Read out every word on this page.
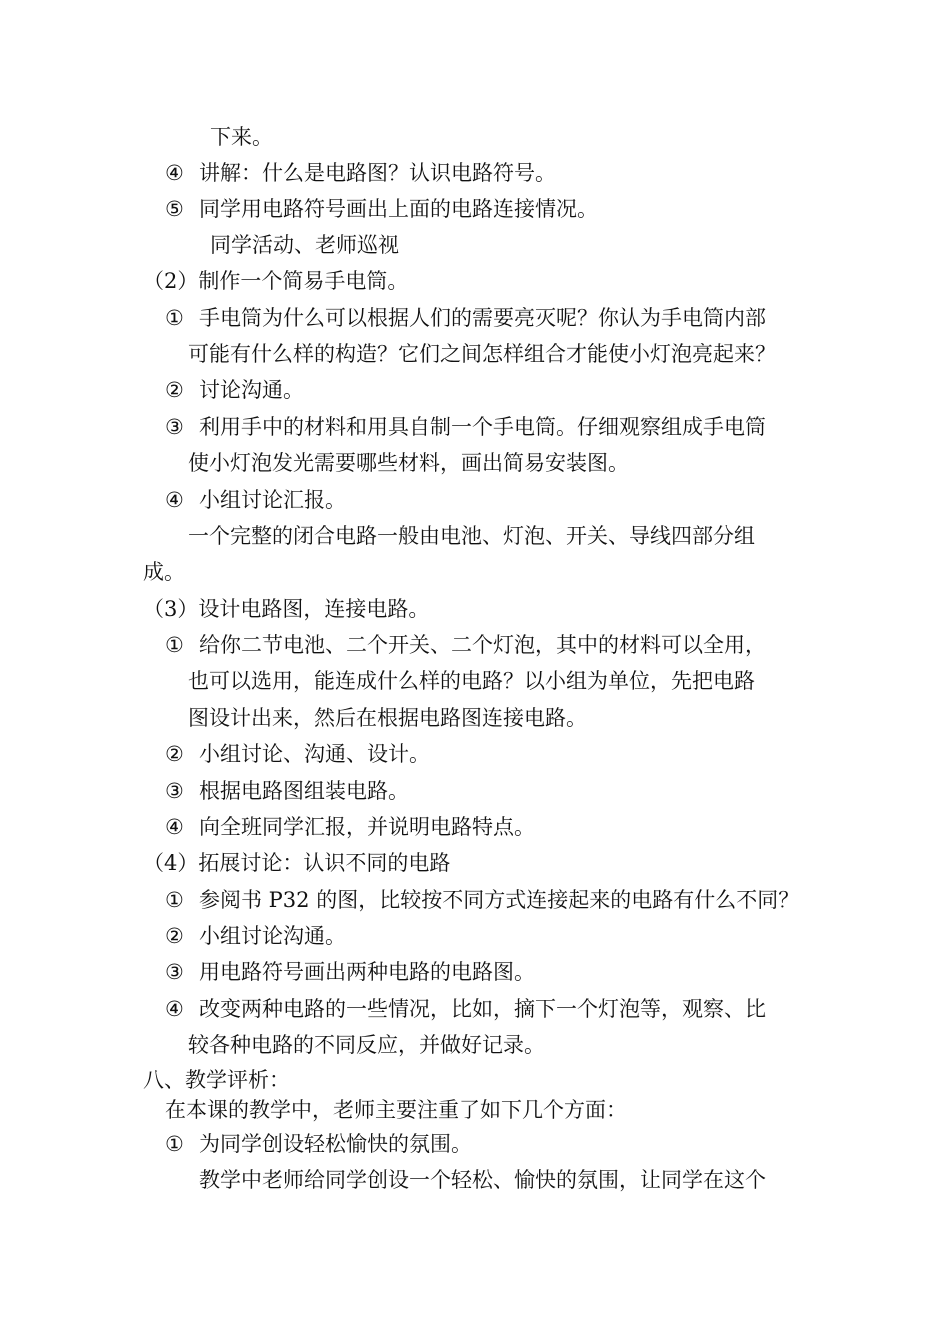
下来。
④ 讲解：什么是电路图？认识电路符号。
⑤ 同学用电路符号画出上面的电路连接情况。
同学活动、老师巡视
（2）制作一个简易手电筒。
① 手电筒为什么可以根据人们的需要亮灭呢？你认为手电筒内部
可能有什么样的构造？它们之间怎样组合才能使小灯泡亮起来？
② 讨论沟通。
③ 利用手中的材料和用具自制一个手电筒。仔细观察组成手电筒
使小灯泡发光需要哪些材料，画出简易安装图。
④ 小组讨论汇报。
一个完整的闭合电路一般由电池、灯泡、开关、导线四部分组
成。
（3）设计电路图，连接电路。
① 给你二节电池、二个开关、二个灯泡，其中的材料可以全用，
也可以选用，能连成什么样的电路？以小组为单位，先把电路
图设计出来，然后在根据电路图连接电路。
② 小组讨论、沟通、设计。
③ 根据电路图组装电路。
④ 向全班同学汇报，并说明电路特点。
（4）拓展讨论：认识不同的电路
① 参阅书 P32 的图，比较按不同方式连接起来的电路有什么不同？
② 小组讨论沟通。
③ 用电路符号画出两种电路的电路图。
④ 改变两种电路的一些情况，比如，摘下一个灯泡等，观察、比
较各种电路的不同反应，并做好记录。
八、教学评析：
在本课的教学中，老师主要注重了如下几个方面：
① 为同学创设轻松愉快的氛围。
教学中老师给同学创设一个轻松、愉快的氛围，让同学在这个
